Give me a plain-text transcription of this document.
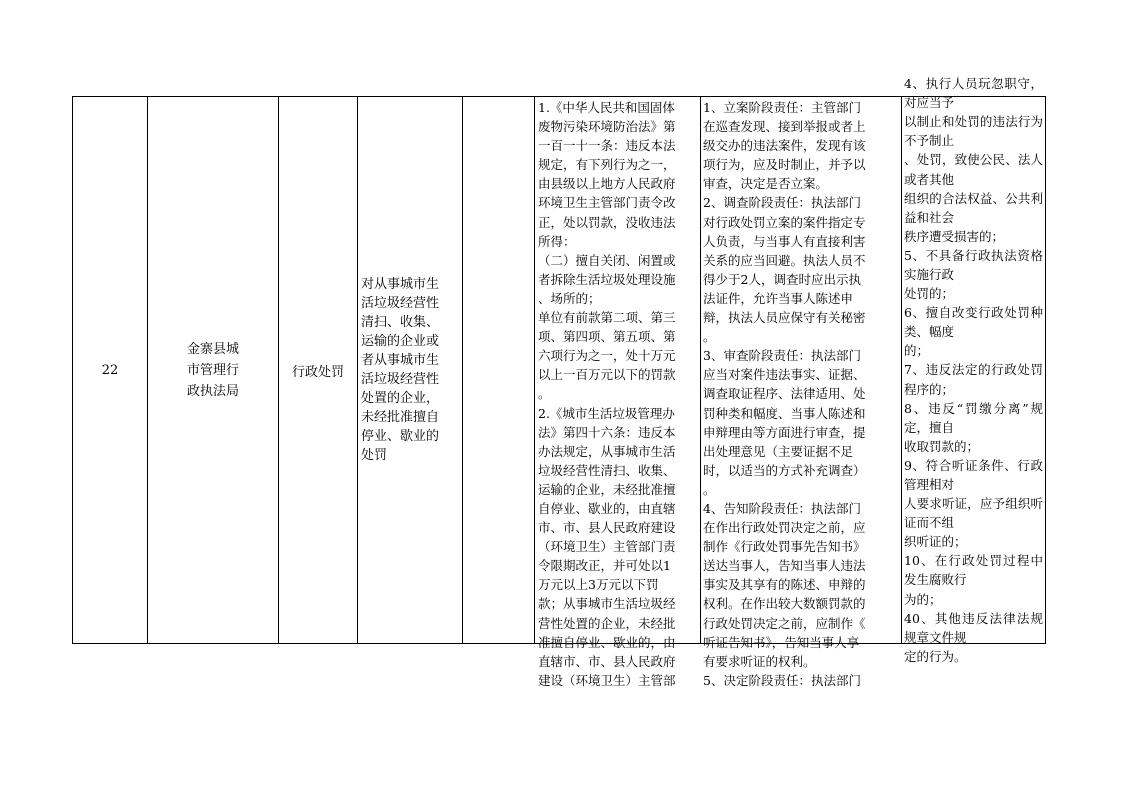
22
金寨县城市管理行政执法局
行政处罚
对从事城市生
活垃圾经营性
清扫、收集、
运输的企业或
者从事城市生
活垃圾经营性
处置的企业，
未经批准擅自
停业、歇业的
处罚
1.《中华人民共和国固体
废物污染环境防治法》第
一百一十一条：违反本法
规定，有下列行为之一，
由县级以上地方人民政府
环境卫生主管部门责令改
正，处以罚款，没收违法
所得：
（二）擅自关闭、闲置或
者拆除生活垃圾处理设施
、场所的；
单位有前款第二项、第三
项、第四项、第五项、第
六项行为之一，处十万元
以上一百万元以下的罚款
。
2.《城市生活垃圾管理办
法》第四十六条：违反本
办法规定，从事城市生活
垃圾经营性清扫、收集、
运输的企业，未经批准擅
自停业、歇业的，由直辖
市、市、县人民政府建设
（环境卫生）主管部门责
令限期改正，并可处以1
万元以上3万元以下罚
款；从事城市生活垃圾经
营性处置的企业，未经批
准擅自停业、歇业的，由
直辖市、市、县人民政府
建设（环境卫生）主管部
1、立案阶段责任：主管部门
在巡查发现、接到举报或者上
级交办的违法案件，发现有该
项行为，应及时制止，并予以
审查，决定是否立案。
2、调查阶段责任：执法部门
对行政处罚立案的案件指定专
人负责，与当事人有直接利害
关系的应当回避。执法人员不
得少于2人，调查时应出示执
法证件，允许当事人陈述申
辩，执法人员应保守有关秘密
。
3、审查阶段责任：执法部门
应当对案件违法事实、证据、
调查取证程序、法律适用、处
罚种类和幅度、当事人陈述和
申辩理由等方面进行审查，提
出处理意见（主要证据不足
时，以适当的方式补充调查）
。
4、告知阶段责任：执法部门
在作出行政处罚决定之前，应
制作《行政处罚事先告知书》
送达当事人，告知当事人违法
事实及其享有的陈述、申辩的
权利。在作出较大数额罚款的
行政处罚决定之前，应制作《
听证告知书》，告知当事人享
有要求听证的权利。
5、决定阶段责任：执法部门
4、执行人员玩忽职守，对应当予
以制止和处罚的违法行为不予制止
、处罚，致使公民、法人或者其他
组织的合法权益、公共利益和社会
秩序遭受损害的；
5、不具备行政执法资格实施行政
处罚的；
6、擅自改变行政处罚种类、幅度
的；
7、违反法定的行政处罚程序的；
8、违反“罚缴分离”规定，擅自
收取罚款的；
9、符合听证条件、行政管理相对
人要求听证，应予组织听证而不组
织听证的；
10、在行政处罚过程中发生腐败行
为的；
40、其他违反法律法规规章文件规
定的行为。
